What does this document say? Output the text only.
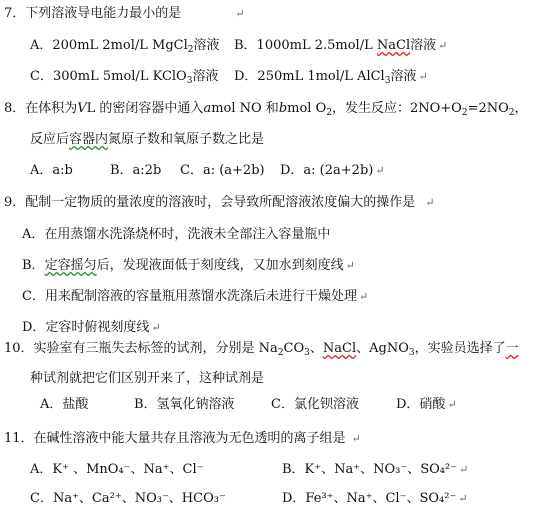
7．下列溶液导电能力最小的是	↵
A．200mL 2mol/L MgCl$_2$溶液 B．1000mL 2.5mol/L NaCl溶液 ↵
C．300mL 5mol/L KClO$_3$溶液 D．250mL 1mol/L AlCl$_3$溶液 ↵
8．在体积为VL 的密闭容器中通入amol NO 和bmol $O_2$，发生反应：$2NO+O_2=2NO_2$，
反应后容器内氮原子数和氧原子数之比是
A．a:b	B．a:2b C．a: (a+2b) D．a: (2a+2b) ↵
9．配制一定物质的量浓度的溶液时，会导致所配溶液浓度偏大的操作是 ↵
A．在用蒸馏水洗涤烧杯时，洗液未全部注入容量瓶中
B．定容摇匀后，发现液面低于刻度线，又加水到刻度线 ↵
C．用来配制溶液的容量瓶用蒸馏水洗涤后未进行干燥处理 ↵
D．定容时俯视刻度线 ↵
10．实验室有三瓶失去标签的试剂，分别是 $Na_2CO_3$、NaCl、AgNO$_3$，实验员选择了一
种试剂就把它们区别开来了，这种试剂是
A．盐酸	B．氢氧化钠溶液	C．氯化钡溶液	D．硝酸 ↵
11．在碱性溶液中能大量共存且溶液为无色透明的离子组是 ↵
A．K⁺ 、MnO₄⁻、Na⁺、Cl⁻	B．K⁺、Na⁺、NO₃⁻、SO₄²⁻ ↵
C．Na⁺、Ca²⁺、NO₃⁻、HCO₃⁻	D．Fe³⁺、Na⁺、Cl⁻、SO₄²⁻ ↵
